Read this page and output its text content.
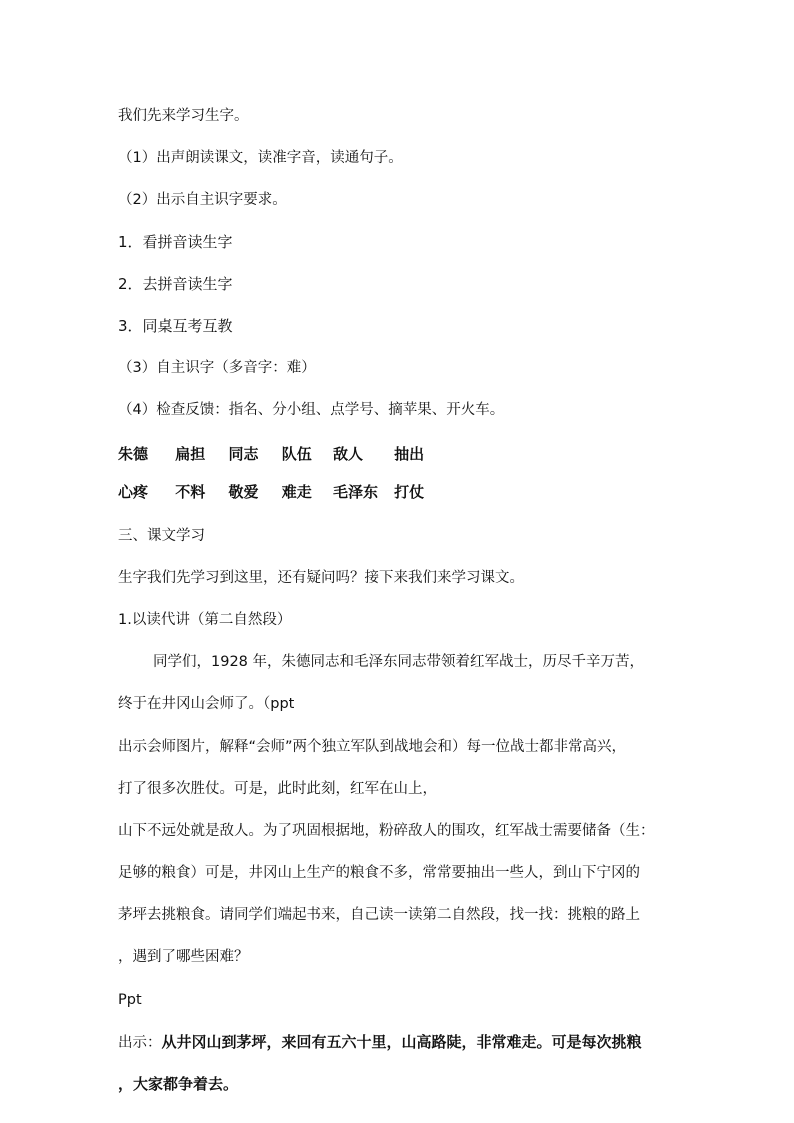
我们先来学习生字。
（1）出声朗读课文，读准字音，读通句子。
（2）出示自主识字要求。
1．看拼音读生字
2．去拼音读生字
3．同桌互考互教
（3）自主识字（多音字：难）
（4）检查反馈：指名、分小组、点学号、摘苹果、开火车。
朱德 扁担 同志 队伍 敌人 抽出
心疼 不料 敬爱 难走 毛泽东 打仗
三、课文学习
生字我们先学习到这里，还有疑问吗？接下来我们来学习课文。
1.以读代讲（第二自然段）
同学们，1928 年，朱德同志和毛泽东同志带领着红军战士，历尽千辛万苦，
终于在井冈山会师了。（ppt
出示会师图片，解释“会师”两个独立军队到战地会和）每一位战士都非常高兴，
打了很多次胜仗。可是，此时此刻，红军在山上，
山下不远处就是敌人。为了巩固根据地，粉碎敌人的围攻，红军战士需要储备（生：
足够的粮食）可是，井冈山上生产的粮食不多，常常要抽出一些人，到山下宁冈的
茅坪去挑粮食。请同学们端起书来，自己读一读第二自然段，找一找：挑粮的路上
，遇到了哪些困难？
Ppt
出示：从井冈山到茅坪，来回有五六十里，山高路陡，非常难走。可是每次挑粮
，大家都争着去。
